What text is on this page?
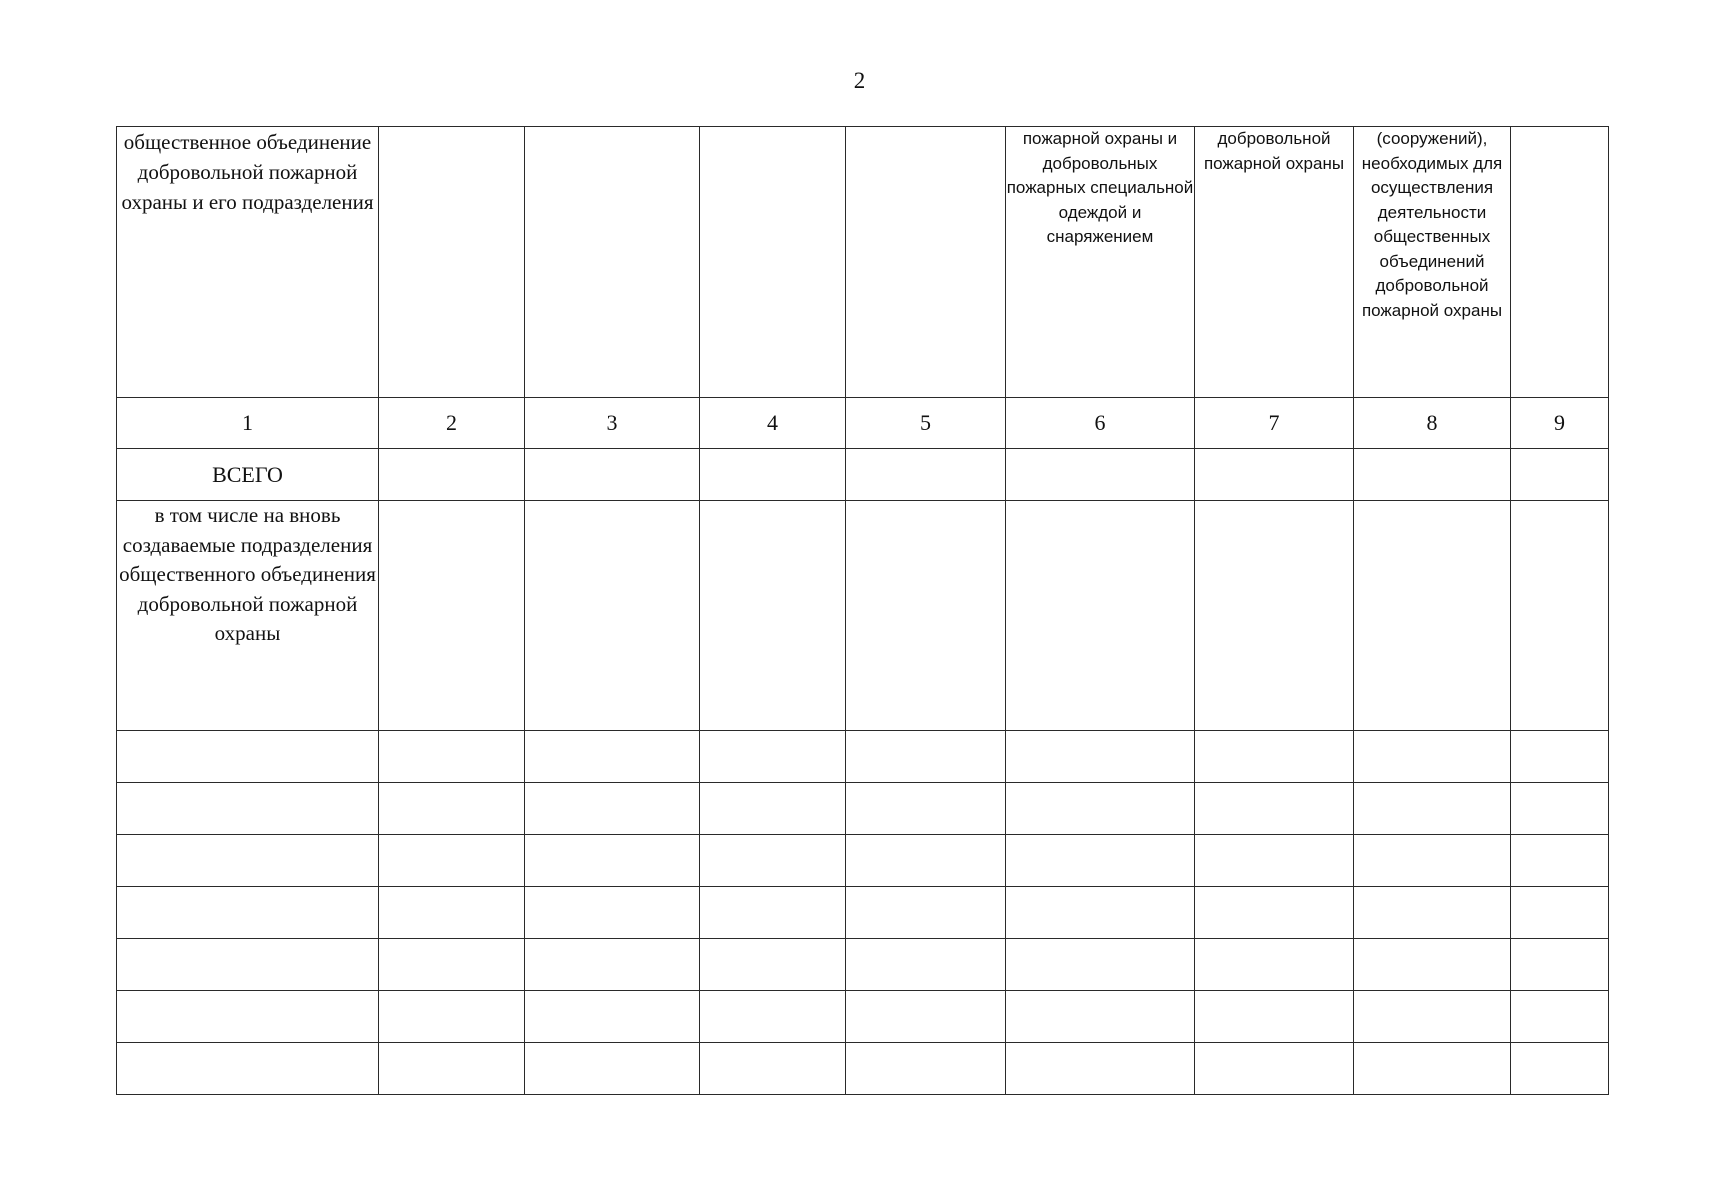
2
общественное объединение добровольной пожарной охраны и его подразделения					пожарной охраны и добровольных пожарных специальной одеждой и снаряжением	добровольной пожарной охраны	(сооружений), необходимых для осуществления деятельности общественных объединений добровольной пожарной охраны	
1	2	3	4	5	6	7	8	9
ВСЕГО								
в том числе на вновь создаваемые подразделения общественного объединения добровольной пожарной охраны								
